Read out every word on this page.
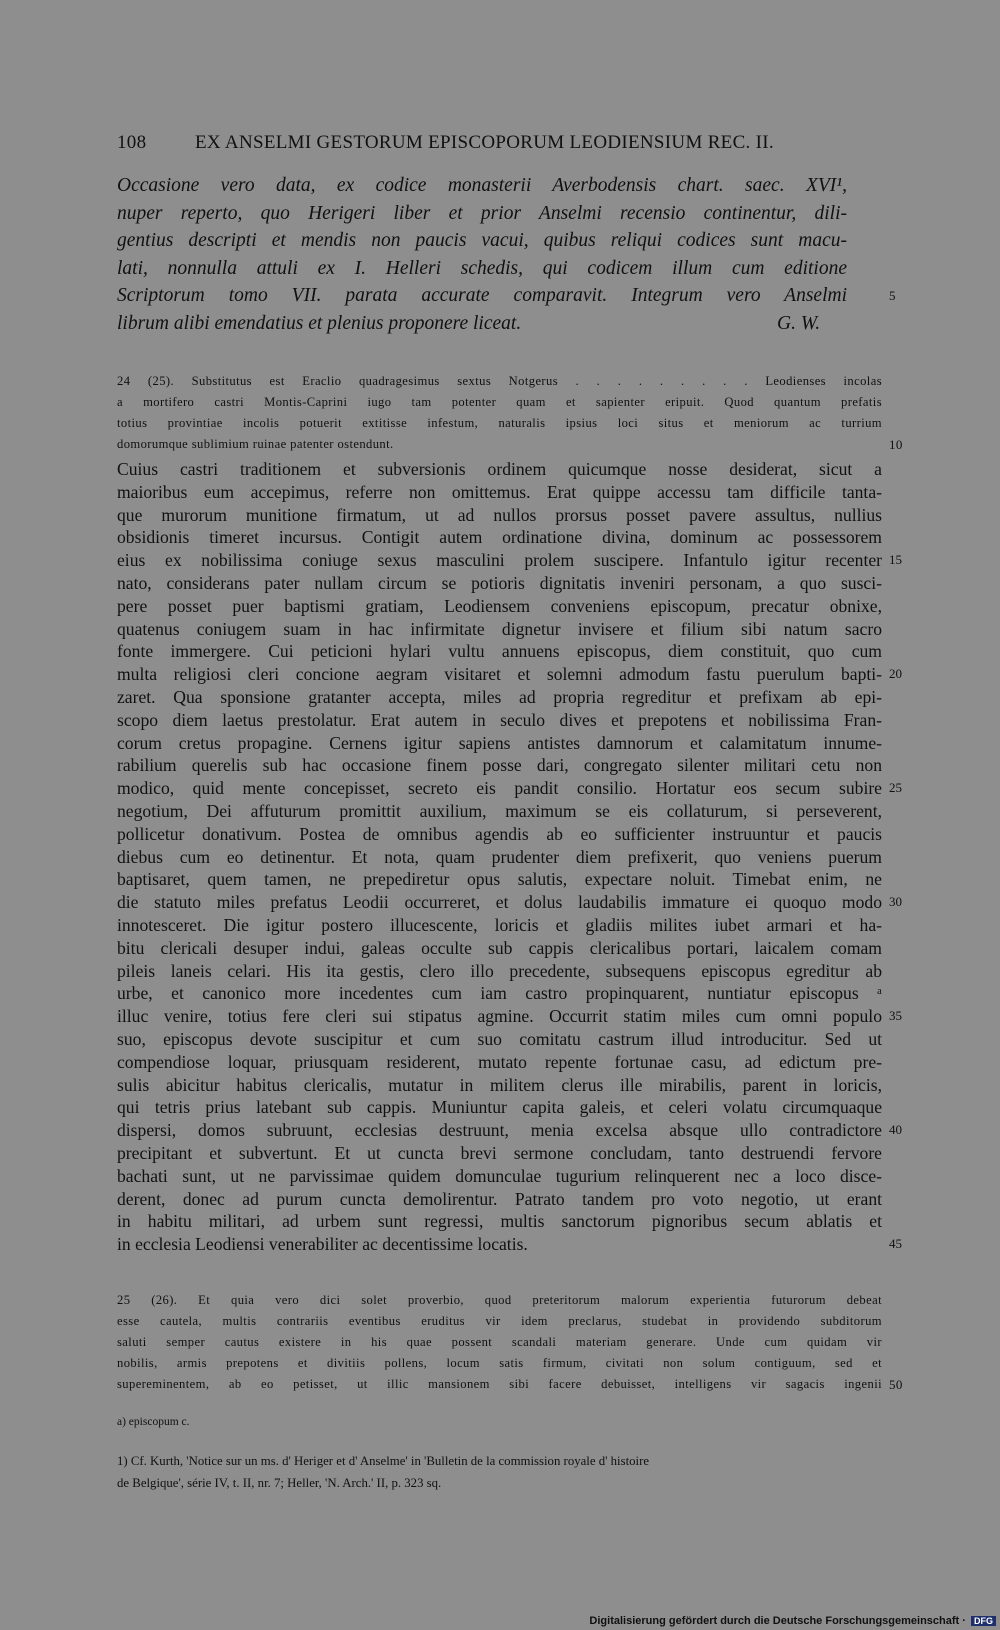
108	EX ANSELMI GESTORUM EPISCOPORUM LEODIENSIUM REC. II.
Occasione vero data, ex codice monasterii Averbodensis chart. saec. XVI¹,
nuper reperto, quo Herigeri liber et prior Anselmi recensio continentur, dili-
gentius descripti et mendis non paucis vacui, quibus reliqui codices sunt macu-
lati, nonnulla attuli ex I. Helleri schedis, qui codicem illum cum editione
Scriptorum tomo VII. parata accurate comparavit. Integrum vero Anselmi	5
librum alibi emendatius et plenius proponere liceat.	G. W.
24 (25). Substitutus est Eraclio quadragesimus sextus Notgerus . . . . . . . . . Leodienses incolas
a mortifero castri Montis-Caprini iugo tam potenter quam et sapienter eripuit. Quod quantum prefatis
totius provintiae incolis potuerit extitisse infestum, naturalis ipsius loci situs et meniorum ac turrium
domorumque sublimium ruinae patenter ostendunt.	10
Cuius castri traditionem et subversionis ordinem quicumque nosse desiderat, sicut a
maioribus eum accepimus, referre non omittemus. Erat quippe accessu tam difficile tanta-
que murorum munitione firmatum, ut ad nullos prorsus posset pavere assultus, nullius
obsidionis timeret incursus. Contigit autem ordinatione divina, dominum ac possessorem
eius ex nobilissima coniuge sexus masculini prolem suscipere. Infantulo igitur recenter 15
nato, considerans pater nullam circum se potioris dignitatis inveniri personam, a quo susci-
pere posset puer baptismi gratiam, Leodiensem conveniens episcopum, precatur obnixe,
quatenus coniugem suam in hac infirmitate dignetur invisere et filium sibi natum sacro
fonte immergere. Cui peticioni hylari vultu annuens episcopus, diem constituit, quo cum
multa religiosi cleri concione aegram visitaret et solemni admodum fastu puerulum bapti- 20
zaret. Qua sponsione gratanter accepta, miles ad propria regreditur et prefixam ab epi-
scopo diem laetus prestolatur. Erat autem in seculo dives et prepotens et nobilissima Fran-
corum cretus propagine. Cernens igitur sapiens antistes damnorum et calamitatum innume-
rabilium querelis sub hac occasione finem posse dari, congregato silenter militari cetu non
modico, quid mente concepisset, secreto eis pandit consilio. Hortatur eos secum subire 25
negotium, Dei affuturum promittit auxilium, maximum se eis collaturum, si perseverent,
pollicetur donativum. Postea de omnibus agendis ab eo sufficienter instruuntur et paucis
diebus cum eo detinentur. Et nota, quam prudenter diem prefixerit, quo veniens puerum
baptisaret, quem tamen, ne prepediretur opus salutis, expectare noluit. Timebat enim, ne
die statuto miles prefatus Leodii occurreret, et dolus laudabilis immature ei quoquo modo 30
innotesceret. Die igitur postero illucescente, loricis et gladiis milites iubet armari et ha-
bitu clericali desuper indui, galeas occulte sub cappis clericalibus portari, laicalem comam
pileis laneis celari. His ita gestis, clero illo precedente, subsequens episcopus egreditur ab
urbe, et canonico more incedentes cum iam castro propinquarent, nuntiatur episcopus ᵃ
illuc venire, totius fere cleri sui stipatus agmine. Occurrit statim miles cum omni populo 35
suo, episcopus devote suscipitur et cum suo comitatu castrum illud introducitur. Sed ut
compendiose loquar, priusquam residerent, mutato repente fortunae casu, ad edictum pre-
sulis abicitur habitus clericalis, mutatur in militem clerus ille mirabilis, parent in loricis,
qui tetris prius latebant sub cappis. Muniuntur capita galeis, et celeri volatu circumquaque
dispersi, domos subruunt, ecclesias destruunt, menia excelsa absque ullo contradictore 40
precipitant et subvertunt. Et ut cuncta brevi sermone concludam, tanto destruendi fervore
bachati sunt, ut ne parvissimae quidem domunculae tugurium relinquerent nec a loco disce-
derent, donec ad purum cuncta demolirentur. Patrato tandem pro voto negotio, ut erant
in habitu militari, ad urbem sunt regressi, multis sanctorum pignoribus secum ablatis et
in ecclesia Leodiensi venerabiliter ac decentissime locatis.	45
25 (26). Et quia vero dici solet proverbio, quod preteritorum malorum experientia futurorum debeat
esse cautela, multis contrariis eventibus eruditus vir idem preclarus, studebat in providendo subditorum
saluti semper cautus existere in his quae possent scandali materiam generare. Unde cum quidam vir
nobilis, armis prepotens et divitiis pollens, locum satis firmum, civitati non solum contiguum, sed et
supereminentem, ab eo petisset, ut illic mansionem sibi facere debuisset, intelligens vir sagacis ingenii 50
a) episcopum c.
1) Cf. Kurth, 'Notice sur un ms. d' Heriger et d' Anselme' in 'Bulletin de la commission royale d' histoire
de Belgique', série IV, t. II, nr. 7; Heller, 'N. Arch.' II, p. 323 sq.
Digitalisierung gefördert durch die Deutsche Forschungsgemeinschaft · DFG
